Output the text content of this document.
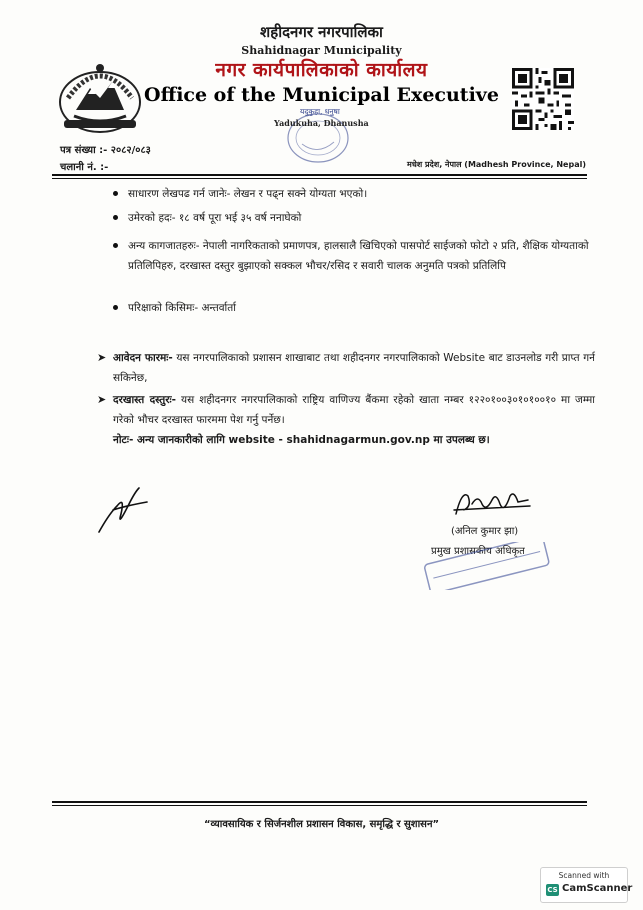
शहीदनगर नगरपालिका
Shahidnagar Municipality
नगर कार्यपालिकाको कार्यालय
Office of the Municipal Executive
यदुकुहा, धनुषा
Yadukuha, Dhanusha
पत्र संख्या :- २०८२/०८३
चलानी नं. :-	मधेश प्रदेश, नेपाल (Madhesh Province, Nepal)
साधारण लेखपढ गर्न जानेः- लेखन र पढ्न सक्ने योग्यता भएको।
उमेरको हदः- १८ वर्ष पूरा भई ३५ वर्ष ननाघेको
अन्य कागजातहरुः- नेपाली नागरिकताको प्रमाणपत्र, हालसालै खिचिएको पासपोर्ट साईजको फोटो २ प्रति, शैक्षिक योग्यताको प्रतिलिपिहरु, दरखास्त दस्तुर बुझाएको सक्कल भौचर/रसिद र सवारी चालक अनुमति पत्रको प्रतिलिपि
परिक्षाको किसिमः- अन्तर्वार्ता
➤ आवेदन फारमः- यस नगरपालिकाको प्रशासन शाखाबाट तथा शहीदनगर नगरपालिकाको Website बाट डाउनलोड गरी प्राप्त गर्न सकिनेछ,
➤ दरखास्त दस्तुरः- यस शहीदनगर नगरपालिकाको राष्ट्रिय वाणिज्य बैंकमा रहेको खाता नम्बर १२२०१००३०१०१००१० मा जम्मा गरेको भौचर दरखास्त फारममा पेश गर्नु पर्नेछ।
नोटः- अन्य जानकारीको लागि website - shahidnagarmun.gov.np मा उपलब्ध छ।
(अनिल कुमार झा)
प्रमुख प्रशासकीय अधिकृत
“व्यावसायिक र सिर्जनशील प्रशासन विकास, समृद्धि र सुशासन”
Scanned with
CS CamScanner
